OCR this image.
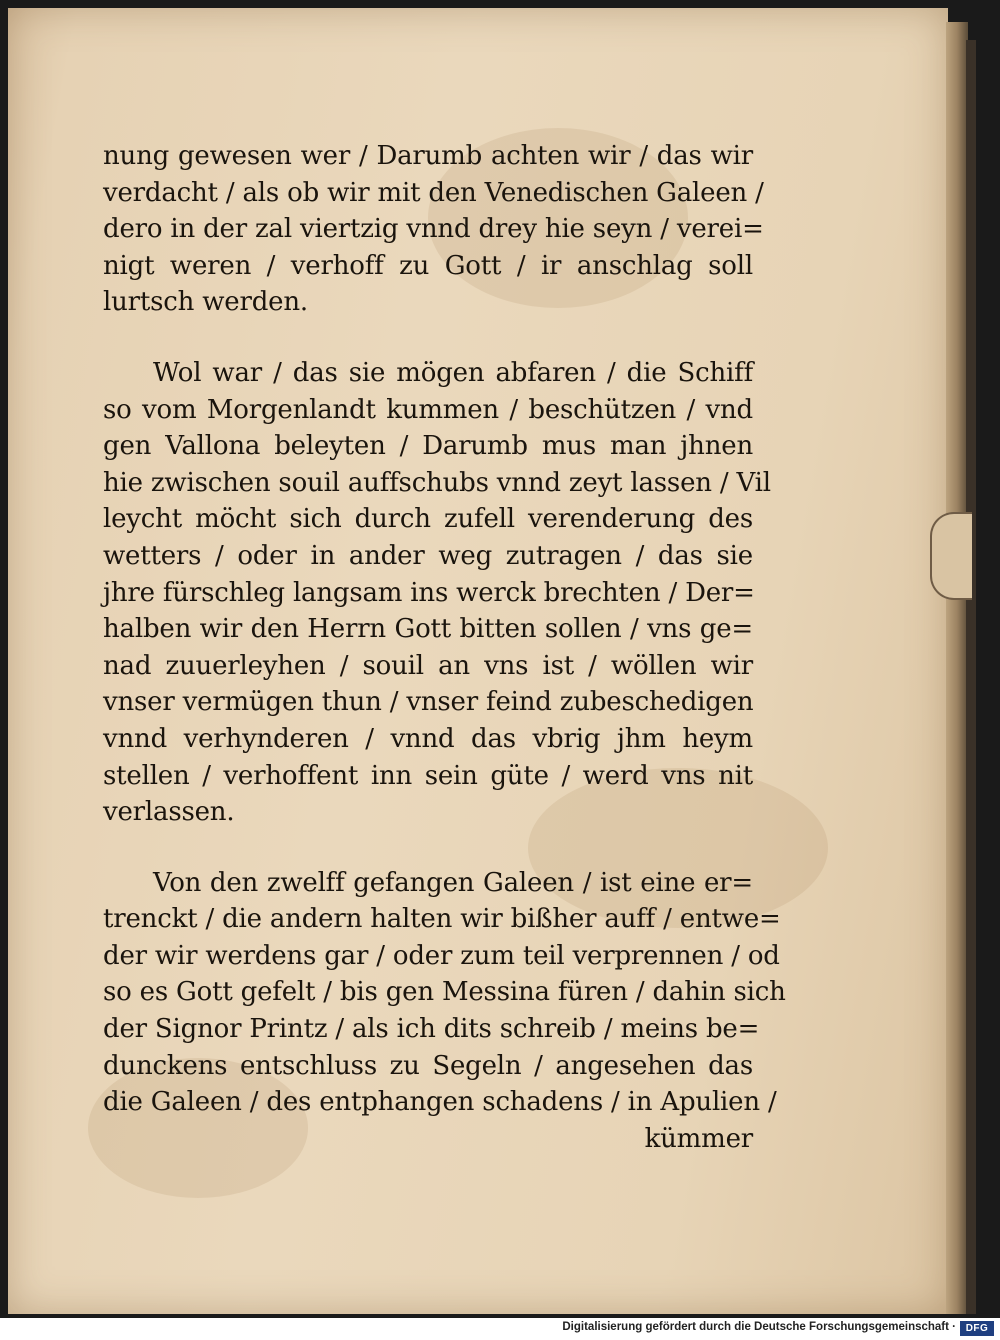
nung gewesen wer / Darumb achten wir / das wir
verdacht / als ob wir mit den Venedischen Galeen /
dero in der zal viertzig vnnd drey hie seyn / verei=
nigt weren / verhoff zu Gott / ir anschlag soll
lurtsch werden.
Wol war / das sie mögen abfaren / die Schiff
so vom Morgenlandt kummen / beschützen / vnd
gen Vallona beleyten / Darumb mus man jhnen
hie zwischen souil auffschubs vnnd zeyt lassen / Vil
leycht möcht sich durch zufell verenderung des
wetters / oder in ander weg zutragen / das sie
jhre fürschleg langsam ins werck brechten / Der=
halben wir den Herrn Gott bitten sollen / vns ge=
nad zuuerleyhen / souil an vns ist / wöllen wir
vnser vermügen thun / vnser feind zubeschedigen
vnnd verhynderen / vnnd das vbrig jhm heym
stellen / verhoffent inn sein güte / werd vns nit
verlassen.
Von den zwelff gefangen Galeen / ist eine er=
trenckt / die andern halten wir bißher auff / entwe=
der wir werdens gar / oder zum teil verprennen / od
so es Gott gefelt / bis gen Messina füren / dahin sich
der Signor Printz / als ich dits schreib / meins be=
dunckens entschluss zu Segeln / angesehen das
die Galeen / des entphangen schadens / in Apulien /
kümmer
Digitalisierung gefördert durch die Deutsche Forschungsgemeinschaft · DFG
